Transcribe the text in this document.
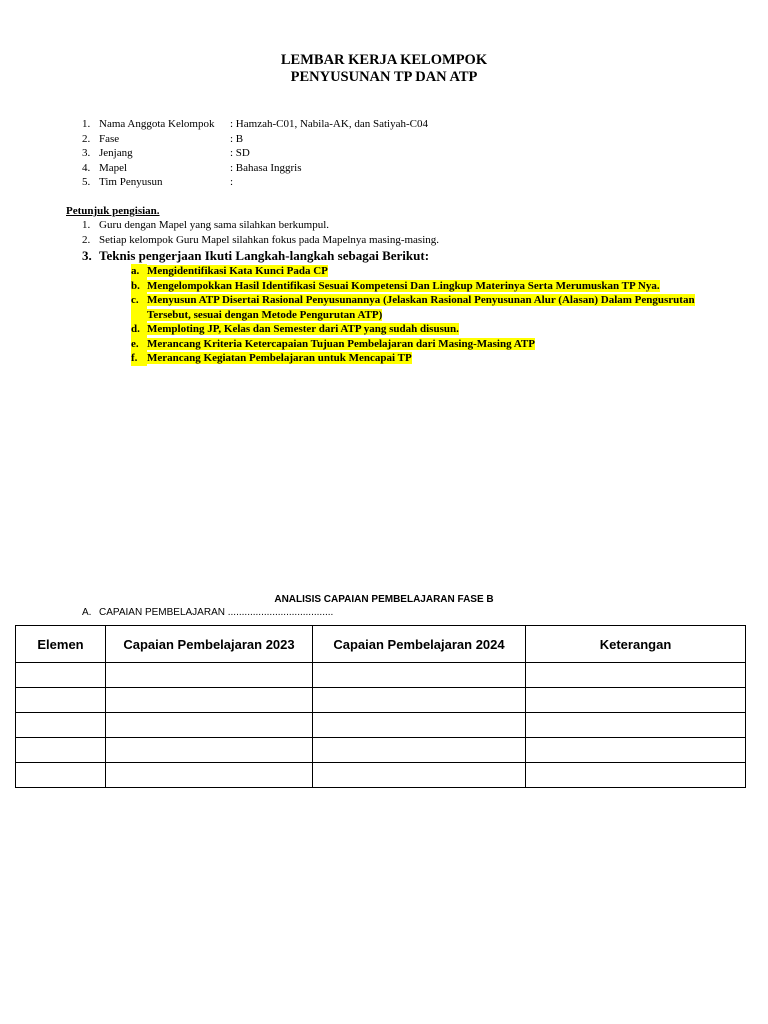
LEMBAR KERJA KELOMPOK
PENYUSUNAN TP DAN ATP
1. Nama Anggota Kelompok	: Hamzah-C01, Nabila-AK, dan Satiyah-C04
2. Fase	: B
3. Jenjang	: SD
4. Mapel	: Bahasa Inggris
5. Tim Penyusun	:
Petunjuk pengisian.
1. Guru dengan Mapel yang sama silahkan berkumpul.
2. Setiap kelompok Guru Mapel silahkan fokus pada Mapelnya masing-masing.
3. Teknis pengerjaan Ikuti Langkah-langkah sebagai Berikut:
a. Mengidentifikasi Kata Kunci Pada CP
b. Mengelompokkan Hasil Identifikasi Sesuai Kompetensi Dan Lingkup Materinya Serta Merumuskan TP Nya.
c. Menyusun ATP Disertai Rasional Penyusunannya (Jelaskan Rasional Penyusunan Alur (Alasan) Dalam Pengusrutan
Tersebut, sesuai dengan Metode Pengurutan ATP)
d. Memploting JP, Kelas dan Semester dari ATP yang sudah disusun.
e. Merancang Kriteria Ketercapaian Tujuan Pembelajaran dari Masing-Masing ATP
f. Merancang Kegiatan Pembelajaran untuk Mencapai TP
ANALISIS CAPAIAN PEMBELAJARAN FASE B
A. CAPAIAN PEMBELAJARAN ......................................
Elemen	Capaian Pembelajaran 2023	Capaian Pembelajaran 2024	Keterangan
